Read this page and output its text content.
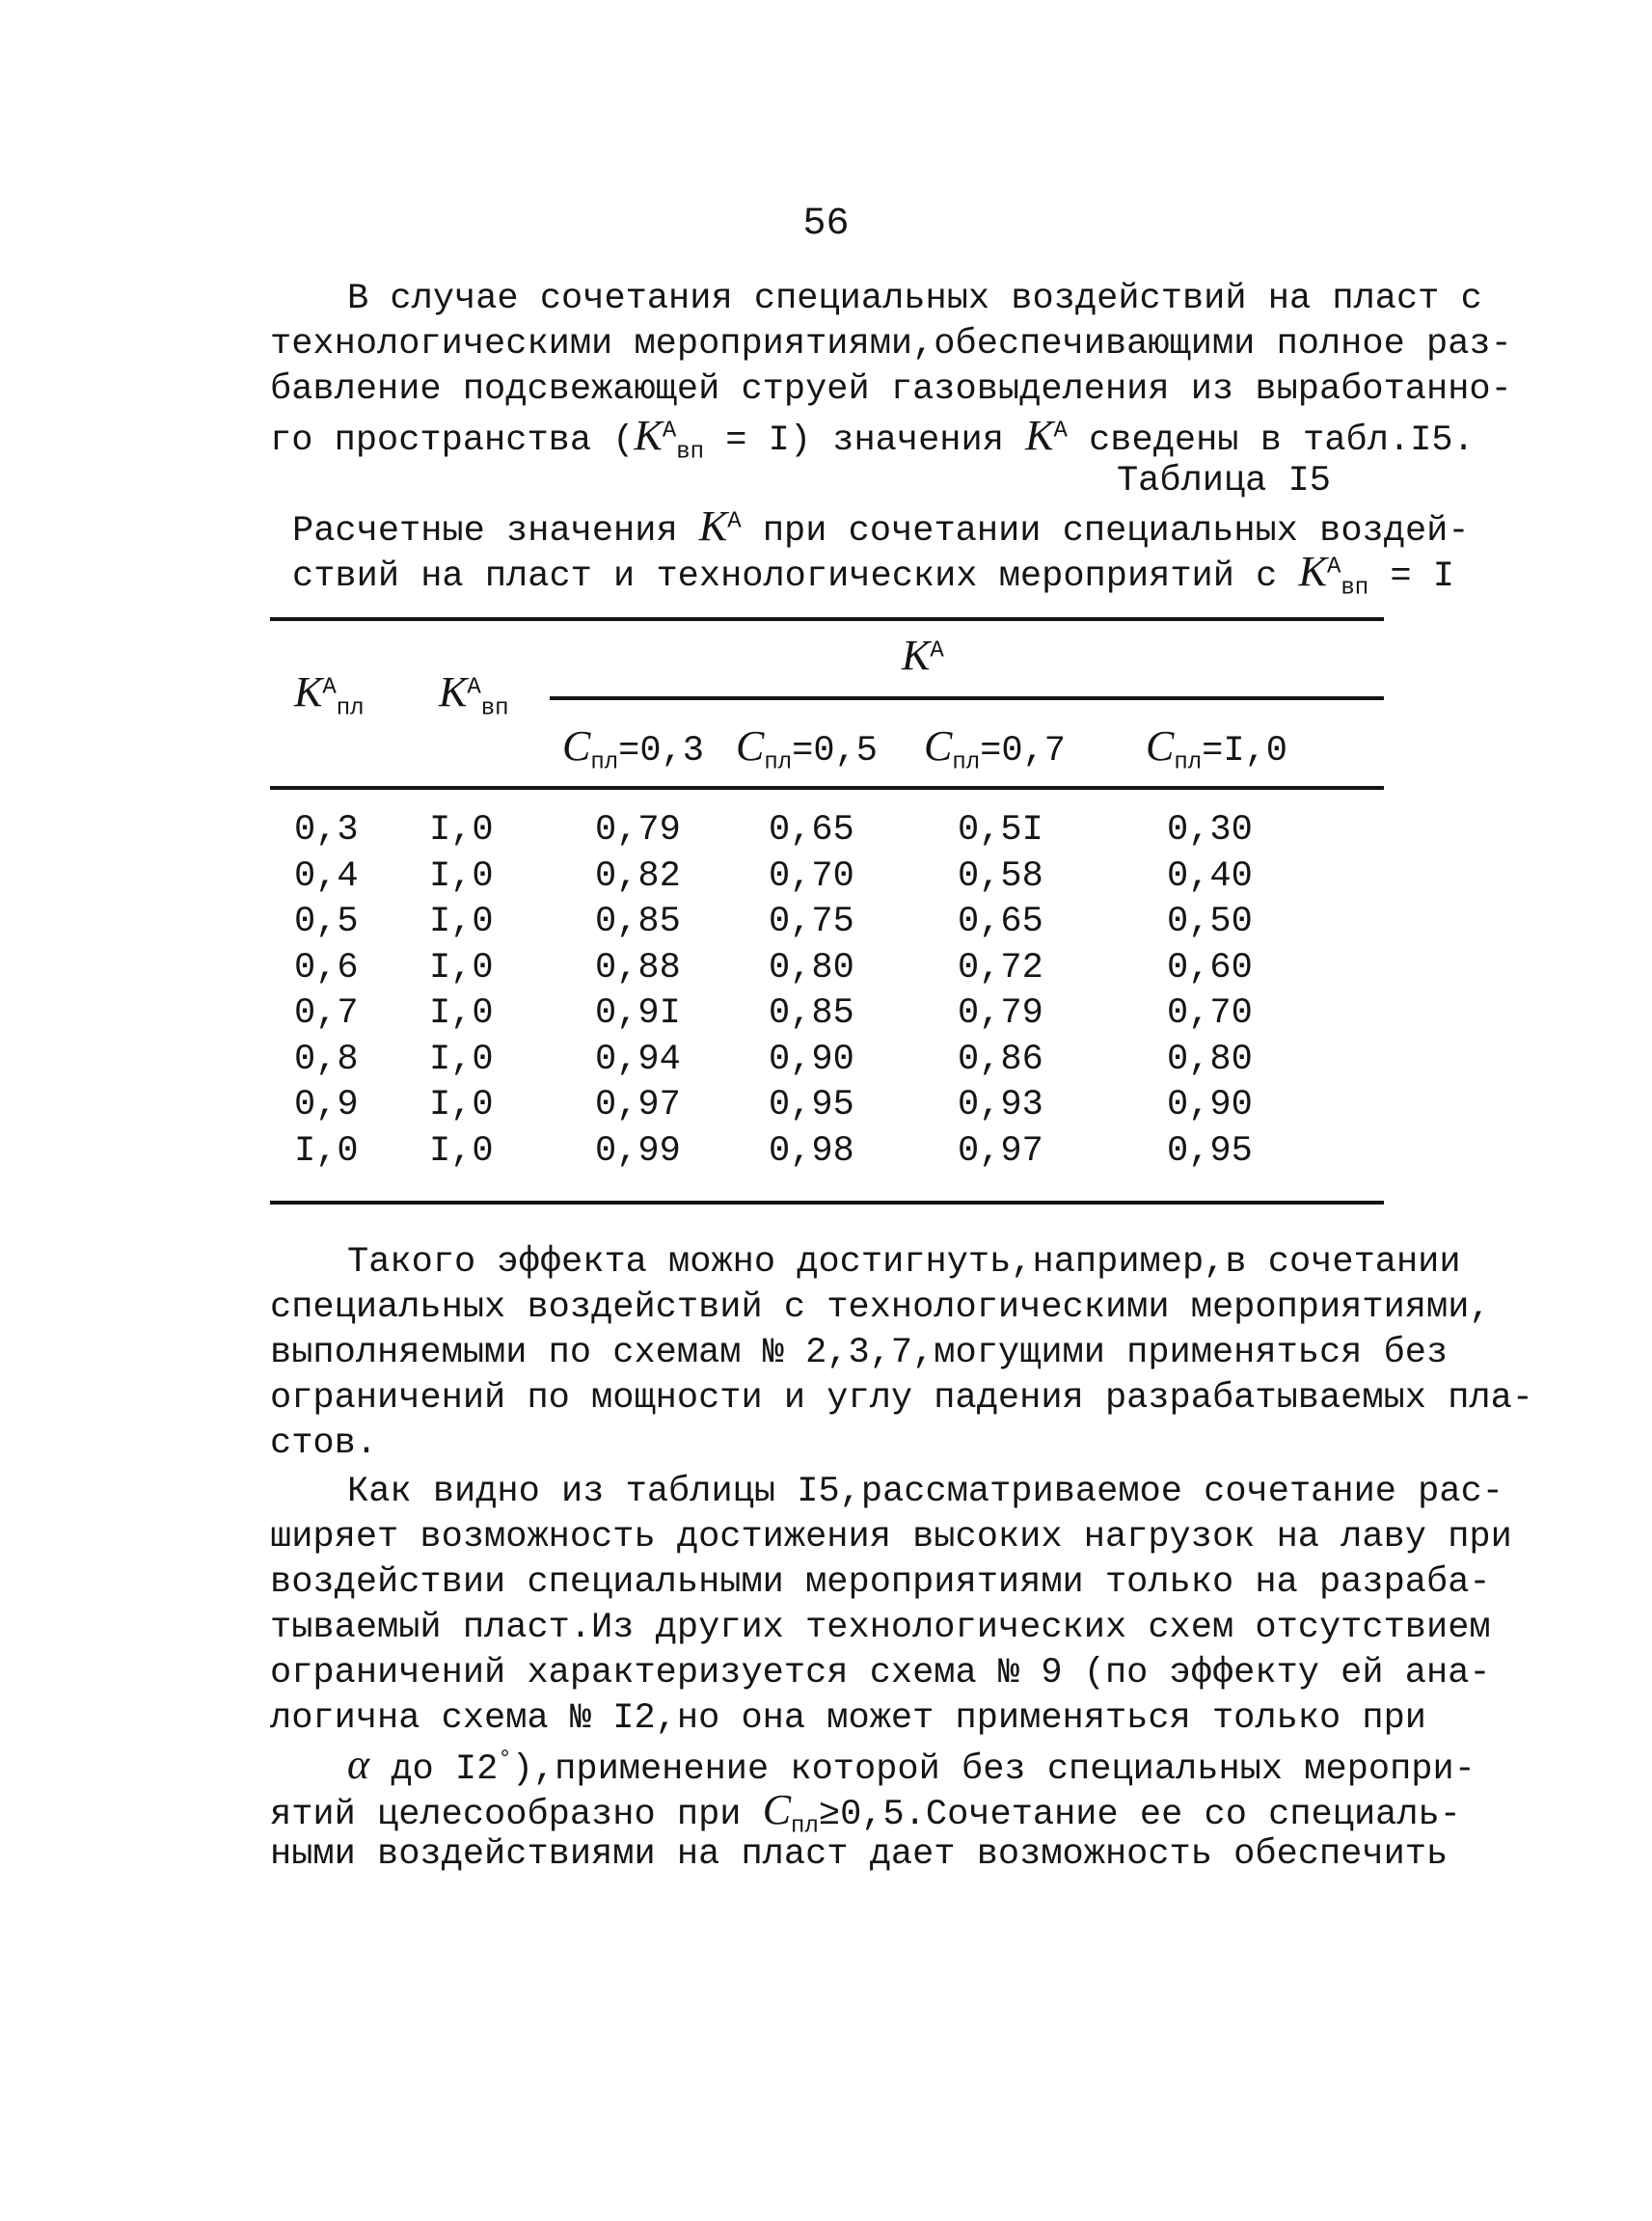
56
В случае сочетания специальных воздействий на пласт с
технологическими мероприятиями,обеспечивающими полное раз-
бавление подсвежающей струей газовыделения из выработанно-
го пространства $(K^A_{вп} = I)$ значения $K^A$ сведены в табл.I5.
Таблица I5
Расчетные значения $K^A$ при сочетании специальных воздей-
ствий на пласт и технологических мероприятий с $K^A_{вп} = I$
$K^A_{пл}$ $K^A_{вп}$
$K^A$
$C_{пл}=0,3$ $C_{пл}=0,5$ $C_{пл}=0,7$ $C_{пл}=I,0$
0,3 I,0	0,79 0,65	0,5I	0,30
0,4 I,0	0,82 0,70	0,58	0,40
0,5 I,0	0,85 0,75	0,65	0,50
0,6 I,0	0,88 0,80	0,72	0,60
0,7 I,0	0,9I 0,85	0,79	0,70
0,8 I,0	0,94 0,90	0,86	0,80
0,9 I,0	0,97 0,95	0,93	0,90
I,0 I,0	0,99 0,98	0,97	0,95
Такого эффекта можно достигнуть,например,в сочетании
специальных воздействий с технологическими мероприятиями,
выполняемыми по схемам № 2,3,7,могущими применяться без
ограничений по мощности и углу падения разрабатываемых пла-
стов.
Как видно из таблицы I5,рассматриваемое сочетание рас-
ширяет возможность достижения высоких нагрузок на лаву при
воздействии специальными мероприятиями только на разраба-
тываемый пласт.Из других технологических схем отсутствием
ограничений характеризуется схема № 9 (по эффекту ей ана-
логична схема № I2,но она может применяться только при
α до I2°),применение которой без специальных меропри-
ятий целесообразно при $C_{пл}\ge 0,5.Сочетание$ ее со специаль-
ными воздействиями на пласт дает возможность обеспечить
